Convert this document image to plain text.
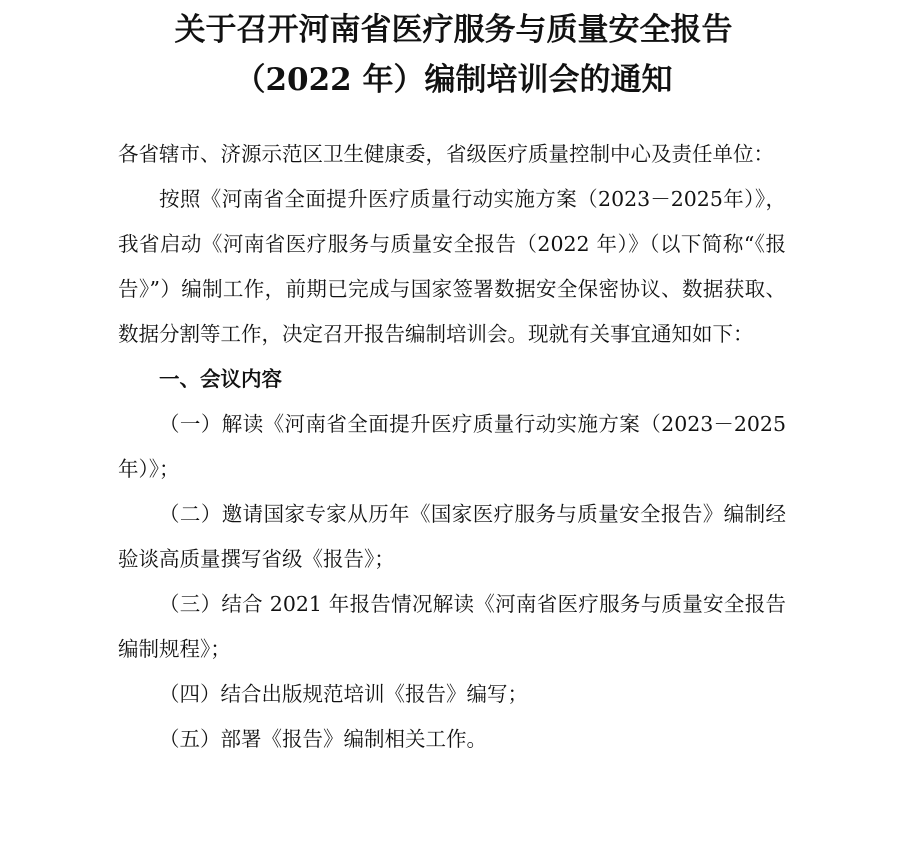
关于召开河南省医疗服务与质量安全报告
（2022 年）编制培训会的通知

各省辖市、济源示范区卫生健康委，省级医疗质量控制中心及责任单位：

按照《河南省全面提升医疗质量行动实施方案（2023－2025年）》，我省启动《河南省医疗服务与质量安全报告（2022 年）》（以下简称“《报告》”）编制工作，前期已完成与国家签署数据安全保密协议、数据获取、数据分割等工作，决定召开报告编制培训会。现就有关事宜通知如下：

一、会议内容

（一）解读《河南省全面提升医疗质量行动实施方案（2023－2025 年）》；

（二）邀请国家专家从历年《国家医疗服务与质量安全报告》编制经验谈高质量撰写省级《报告》；

（三）结合 2021 年报告情况解读《河南省医疗服务与质量安全报告编制规程》；

（四）结合出版规范培训《报告》编写；

（五）部署《报告》编制相关工作。
